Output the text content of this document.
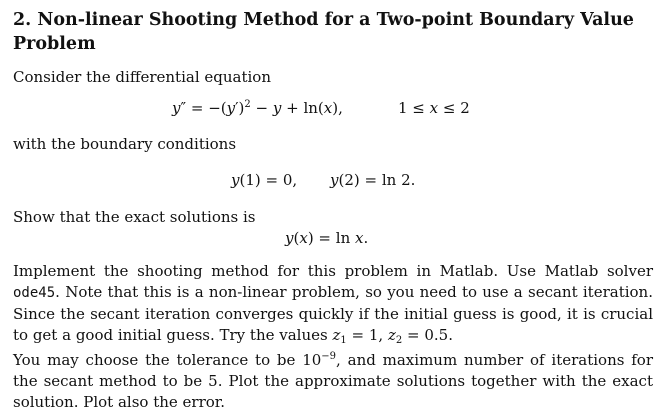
2. Non-linear Shooting Method for a Two-point Boundary Value Problem
Consider the differential equation
$y'' = -(y')^2 - y + \ln(x)$,	1 ≤ x ≤ 2
with the boundary conditions
y(1) = 0, y(2) = ln 2.
Show that the exact solutions is
y(x) = ln x.
Implement the shooting method for this problem in Matlab. Use Matlab solver ode45. Note that this is a non-linear problem, so you need to use a secant iteration. Since the secant iteration converges quickly if the initial guess is good, it is crucial to get a good initial guess. Try the values $z_1 = 1$, $z_2 = 0.5$.
You may choose the tolerance to be $10^{-9}$, and maximum number of iterations for the secant method to be 5. Plot the approximate solutions together with the exact solution. Plot also the error.
